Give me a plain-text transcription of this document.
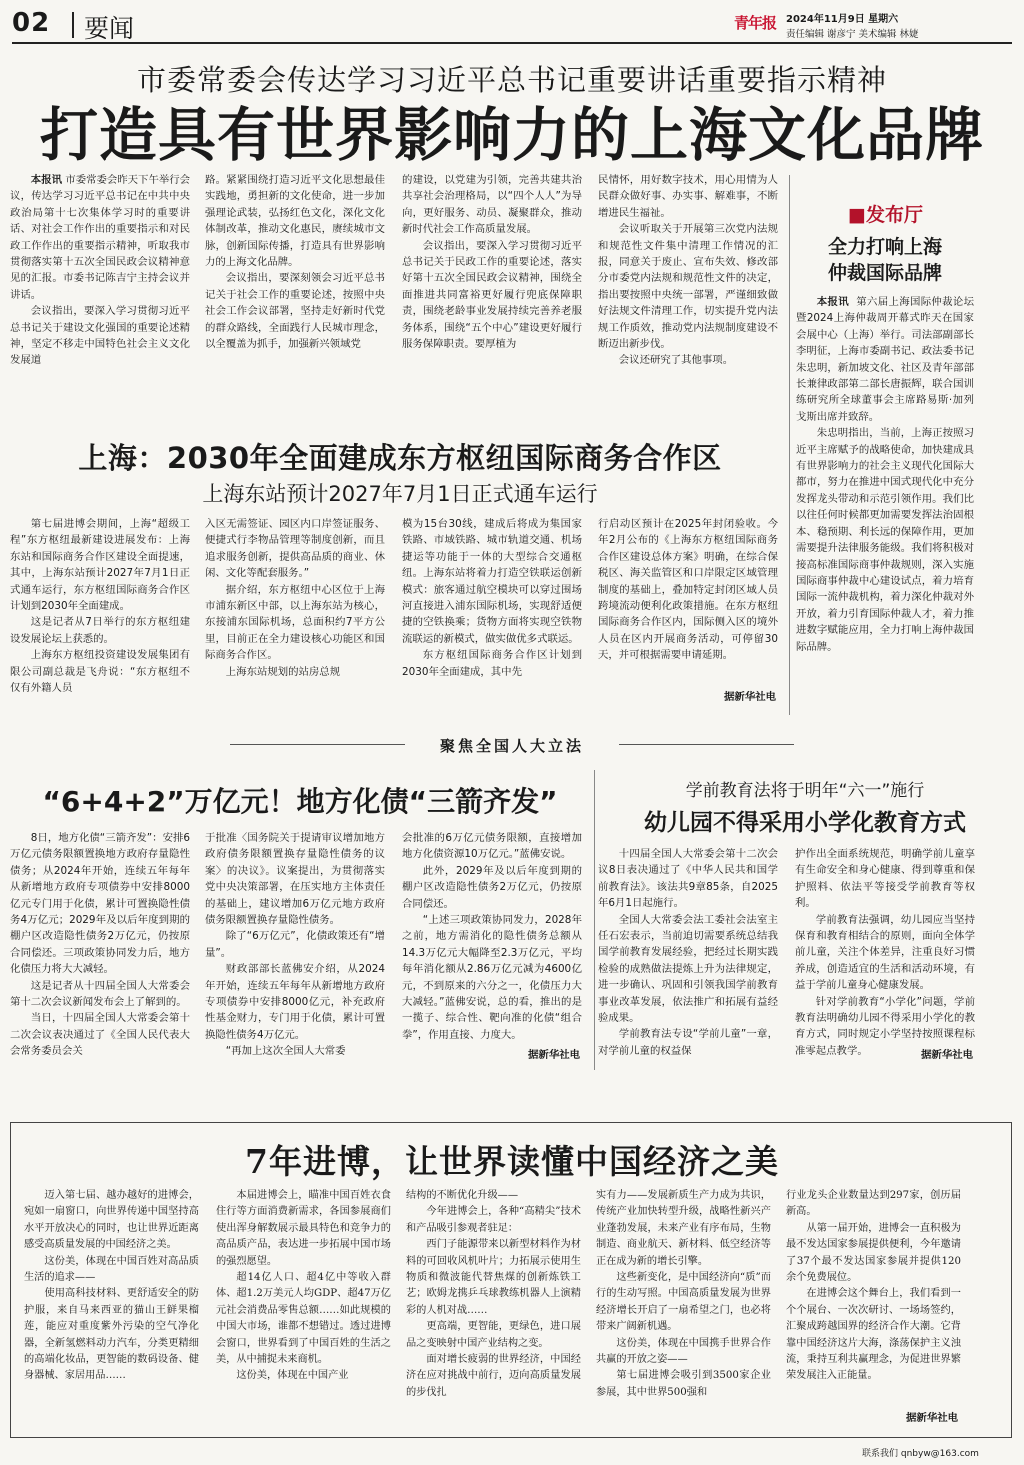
02 要闻	青年报 2024年11月9日 星期六
责任编辑 谢彦宁 美术编辑 林婕
市委常委会传达学习习近平总书记重要讲话重要指示精神
打造具有世界影响力的上海文化品牌

本报讯 市委常委会昨天下午举行会议，传达学习习近平总书记在中共中央政治局第十七次集体学习时的重要讲话、对社会工作作出的重要指示和对民政工作作出的重要指示精神，听取我市贯彻落实第十五次全国民政会议精神意见的汇报。市委书记陈吉宁主持会议并讲话。

会议指出，要深入学习贯彻习近平总书记关于建设文化强国的重要论述精神，坚定不移走中国特色社会主义文化发展道

路。紧紧围绕打造习近平文化思想最佳实践地，勇担新的文化使命，进一步加强理论武装，弘扬红色文化，深化文化体制改革，推动文化惠民，赓续城市文脉，创新国际传播，打造具有世界影响力的上海文化品牌。

会议指出，要深刻领会习近平总书记关于社会工作的重要论述，按照中央社会工作会议部署，坚持走好新时代党的群众路线，全面践行人民城市理念，以全覆盖为抓手，加强新兴领域党

的建设，以党建为引领，完善共建共治共享社会治理格局，以“四个人人”为导向，更好服务、动员、凝聚群众，推动新时代社会工作高质量发展。

会议指出，要深入学习贯彻习近平总书记关于民政工作的重要论述，落实好第十五次全国民政会议精神，围绕全面推进共同富裕更好履行兜底保障职责，围绕老龄事业发展持续完善养老服务体系，围绕“五个中心”建设更好履行服务保障职责。要厚植为

民情怀，用好数字技术，用心用情为人民群众做好事、办实事、解难事，不断增进民生福祉。

会议听取关于开展第三次党内法规和规范性文件集中清理工作情况的汇报，同意关于废止、宣布失效、修改部分市委党内法规和规范性文件的决定，指出要按照中央统一部署，严谨细致做好法规文件清理工作，切实提升党内法规工作质效，推动党内法规制度建设不断迈出新步伐。

会议还研究了其他事项。

■发布厅
全力打响上海
仲裁国际品牌

本报讯 第六届上海国际仲裁论坛暨2024上海仲裁周开幕式昨天在国家会展中心（上海）举行。司法部副部长李明征，上海市委副书记、政法委书记朱忠明，新加坡文化、社区及青年部部长兼律政部第二部长唐振辉，联合国训练研究所全球董事会主席路易斯·加列戈斯出席并致辞。

朱忠明指出，当前，上海正按照习近平主席赋予的战略使命，加快建成具有世界影响力的社会主义现代化国际大都市，努力在推进中国式现代化中充分发挥龙头带动和示范引领作用。我们比以往任何时候都更加需要发挥法治固根本、稳预期、利长远的保障作用，更加需要提升法律服务能级。我们将积极对接高标准国际商事仲裁规则，深入实施国际商事仲裁中心建设试点，着力培育国际一流仲裁机构，着力深化仲裁对外开放，着力引育国际仲裁人才，着力推进数字赋能应用，全力打响上海仲裁国际品牌。

上海：2030年全面建成东方枢纽国际商务合作区
上海东站预计2027年7月1日正式通车运行

第七届进博会期间，上海“超级工程”东方枢纽最新建设进展发布：上海东站和国际商务合作区建设全面提速，其中，上海东站预计2027年7月1日正式通车运行，东方枢纽国际商务合作区计划到2030年全面建成。

这是记者从7日举行的东方枢纽建设发展论坛上获悉的。

上海东方枢纽投资建设发展集团有限公司副总裁是飞舟说：“东方枢纽不仅有外籍人员

入区无需签证、园区内口岸签证服务、便捷式行李物品管理等制度创新，而且追求服务创新，提供高品质的商业、休闲、文化等配套服务。”

据介绍，东方枢纽中心区位于上海市浦东新区中部，以上海东站为核心，东接浦东国际机场，总面积约7平方公里，目前正在全力建设核心功能区和国际商务合作区。

上海东站规划的站房总规

模为15台30线，建成后将成为集国家铁路、市域铁路、城市轨道交通、机场捷运等功能于一体的大型综合交通枢纽。上海东站将着力打造空铁联运创新模式：旅客通过航空模块可以穿过围场河直接进入浦东国际机场，实现舒适便捷的空铁换乘；货物方面将实现空铁物流联运的新模式，做实做优多式联运。

东方枢纽国际商务合作区计划到2030年全面建成，其中先

行启动区预计在2025年封闭验收。今年2月公布的《上海东方枢纽国际商务合作区建设总体方案》明确，在综合保税区、海关监管区和口岸限定区域管理制度的基础上，叠加特定封闭区域人员跨境流动便利化政策措施。在东方枢纽国际商务合作区内，国际侧入区的境外人员在区内开展商务活动，可停留30天，并可根据需要申请延期。

据新华社电
聚焦全国人大立法
“6+4+2”万亿元！地方化债“三箭齐发”

8日，地方化债“三箭齐发”：安排6万亿元债务限额置换地方政府存量隐性债务；从2024年开始，连续五年每年从新增地方政府专项债券中安排8000亿元专门用于化债，累计可置换隐性债务4万亿元；2029年及以后年度到期的棚户区改造隐性债务2万亿元，仍按原合同偿还。三项政策协同发力后，地方化债压力将大大减轻。

这是记者从十四届全国人大常委会第十二次会议新闻发布会上了解到的。

当日，十四届全国人大常委会第十二次会议表决通过了《全国人民代表大会常务委员会关

于批准〈国务院关于提请审议增加地方政府债务限额置换存量隐性债务的议案〉的决议》。议案提出，为贯彻落实党中央决策部署，在压实地方主体责任的基础上，建议增加6万亿元地方政府债务限额置换存量隐性债务。

除了“6万亿元”，化债政策还有“增量”。

财政部部长蓝佛安介绍，从2024年开始，连续五年每年从新增地方政府专项债券中安排8000亿元，补充政府性基金财力，专门用于化债，累计可置换隐性债务4万亿元。

“再加上这次全国人大常委

会批准的6万亿元债务限额，直接增加地方化债资源10万亿元。”蓝佛安说。

此外，2029年及以后年度到期的棚户区改造隐性债务2万亿元，仍按原合同偿还。

“上述三项政策协同发力，2028年之前，地方需消化的隐性债务总额从14.3万亿元大幅降至2.3万亿元，平均每年消化额从2.86万亿元减为4600亿元，不到原来的六分之一，化债压力大大减轻。”蓝佛安说，总的看，推出的是一揽子、综合性、靶向准的化债“组合拳”，作用直接、力度大。

据新华社电
学前教育法将于明年“六一”施行
幼儿园不得采用小学化教育方式

十四届全国人大常委会第十二次会议8日表决通过了《中华人民共和国学前教育法》。该法共9章85条，自2025年6月1日起施行。

全国人大常委会法工委社会法室主任石宏表示，当前迫切需要系统总结我国学前教育发展经验，把经过长期实践检验的成熟做法提炼上升为法律规定，进一步确认、巩固和引领我国学前教育事业改革发展，依法推广和拓展有益经验成果。

学前教育法专设“学前儿童”一章，对学前儿童的权益保

护作出全面系统规范，明确学前儿童享有生命安全和身心健康、得到尊重和保护照料、依法平等接受学前教育等权利。

学前教育法强调，幼儿园应当坚持保育和教育相结合的原则，面向全体学前儿童，关注个体差异，注重良好习惯养成，创造适宜的生活和活动环境，有益于学前儿童身心健康发展。

针对学前教育“小学化”问题，学前教育法明确幼儿园不得采用小学化的教育方式，同时规定小学坚持按照课程标准零起点教学。	据新华社电
7年进博，让世界读懂中国经济之美

迈入第七届、越办越好的进博会，宛如一扇窗口，向世界传递中国坚持高水平开放决心的同时，也让世界近距离感受高质量发展的中国经济之美。

这份美，体现在中国百姓对高品质生活的追求——

使用高科技材料、更舒适安全的防护服，来自马来西亚的猫山王鲜果榴莲，能应对重度紫外污染的空气净化器，全新氢燃料动力汽车，分类更精细的高端化妆品，更智能的数码设备、健身器械、家居用品……

本届进博会上，瞄准中国百姓衣食住行等方面消费新需求，各国参展商们使出浑身解数展示最具特色和竞争力的高品质产品，表达进一步拓展中国市场的强烈愿望。

超14亿人口、超4亿中等收入群体、超1.2万美元人均GDP、超47万亿元社会消费品零售总额……如此规模的中国大市场，谁都不想错过。透过进博会窗口，世界看到了中国百姓的生活之美，从中捕捉未来商机。

这份美，体现在中国产业

结构的不断优化升级——

今年进博会上，各种“高精尖”技术和产品吸引参观者驻足：

西门子能源带来以新型材料作为材料的可回收风机叶片；力拓展示使用生物质和微波能代替焦煤的创新炼铁工艺；欧姆龙携乒乓球教练机器人上演精彩的人机对战……

更高端，更智能，更绿色，进口展品之变映射中国产业结构之变。

面对增长疲弱的世界经济，中国经济在应对挑战中前行，迈向高质量发展的步伐扎

实有力——发展新质生产力成为共识，传统产业加快转型升级，战略性新兴产业蓬勃发展，未来产业有序布局，生物制造、商业航天、新材料、低空经济等正在成为新的增长引擎。

这些新变化，是中国经济向“质”而行的生动写照。中国高质量发展为世界经济增长开启了一扇希望之门，也必将带来广阔新机遇。

这份美，体现在中国携手世界合作共赢的开放之姿——

第七届进博会吸引到3500家企业参展，其中世界500强和

行业龙头企业数量达到297家，创历届新高。

从第一届开始，进博会一直积极为最不发达国家参展提供便利，今年邀请了37个最不发达国家参展并提供120余个免费展位。

在进博会这个舞台上，我们看到一个个展台、一次次研讨、一场场签约，汇聚成跨越国界的经济合作大潮。它背靠中国经济这片大海，涤荡保护主义浊流，秉持互利共赢理念，为促进世界繁荣发展注入正能量。

据新华社电
联系我们 qnbyw@163.com
